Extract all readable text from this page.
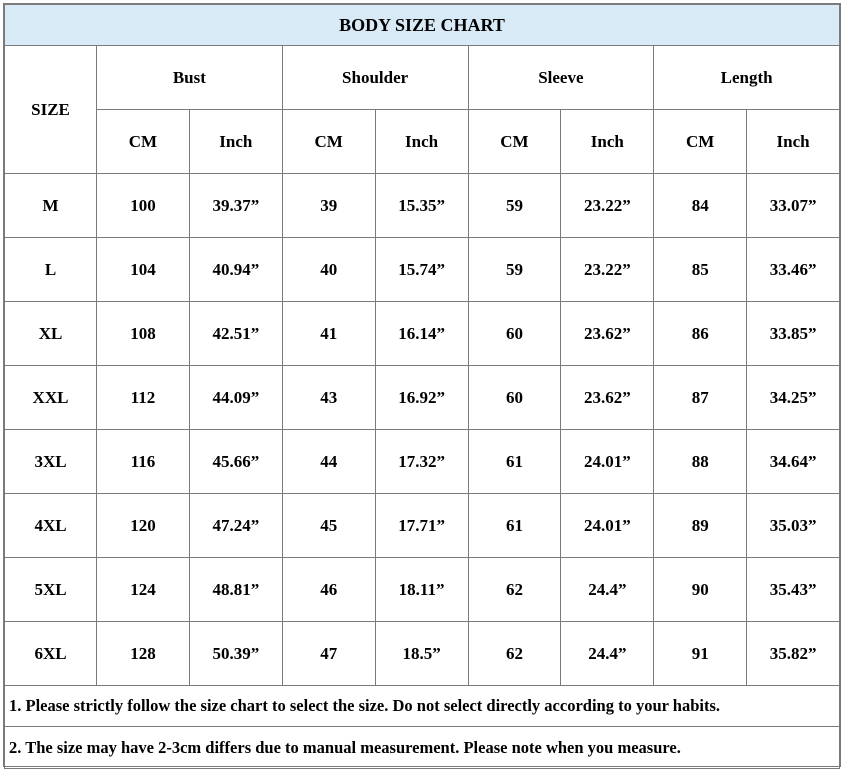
BODY SIZE CHART								
SIZE	Bust		Shoulder		Sleeve		Length	
	CM	Inch	CM	Inch	CM	Inch	CM	Inch
M	100	39.37”	39	15.35”	59	23.22”	84	33.07”
L	104	40.94”	40	15.74”	59	23.22”	85	33.46”
XL	108	42.51”	41	16.14”	60	23.62”	86	33.85”
XXL	112	44.09”	43	16.92”	60	23.62”	87	34.25”
3XL	116	45.66”	44	17.32”	61	24.01”	88	34.64”
4XL	120	47.24”	45	17.71”	61	24.01”	89	35.03”
5XL	124	48.81”	46	18.11”	62	24.4”	90	35.43”
6XL	128	50.39”	47	18.5”	62	24.4”	91	35.82”
1. Please strictly follow the size chart to select the size. Do not select directly according to your habits.								
2. The size may have 2-3cm differs due to manual measurement. Please note when you measure.								
